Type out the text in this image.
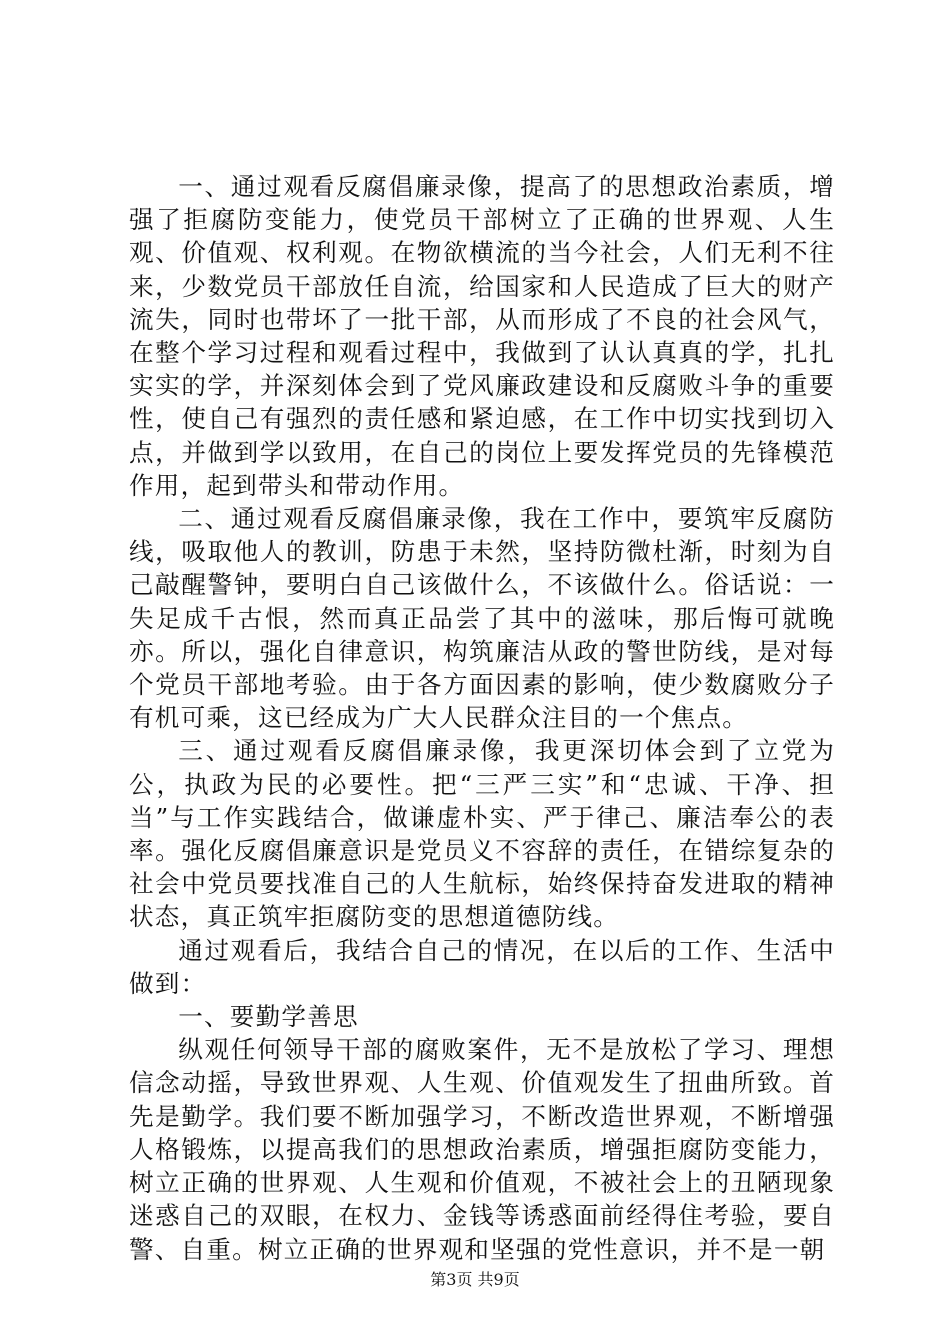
一、通过观看反腐倡廉录像，提高了的思想政治素质，增强了拒腐防变能力，使党员干部树立了正确的世界观、人生观、价值观、权利观。在物欲横流的当今社会，人们无利不往来，少数党员干部放任自流，给国家和人民造成了巨大的财产流失，同时也带坏了一批干部，从而形成了不良的社会风气，在整个学习过程和观看过程中，我做到了认认真真的学，扎扎实实的学，并深刻体会到了党风廉政建设和反腐败斗争的重要性，使自己有强烈的责任感和紧迫感，在工作中切实找到切入点，并做到学以致用，在自己的岗位上要发挥党员的先锋模范作用，起到带头和带动作用。

二、通过观看反腐倡廉录像，我在工作中，要筑牢反腐防线，吸取他人的教训，防患于未然，坚持防微杜渐，时刻为自己敲醒警钟，要明白自己该做什么，不该做什么。俗话说：一失足成千古恨，然而真正品尝了其中的滋味，那后悔可就晚亦。所以，强化自律意识，构筑廉洁从政的警世防线，是对每个党员干部地考验。由于各方面因素的影响，使少数腐败分子有机可乘，这已经成为广大人民群众注目的一个焦点。

三、通过观看反腐倡廉录像，我更深切体会到了立党为公，执政为民的必要性。把“三严三实”和“忠诚、干净、担当”与工作实践结合，做谦虚朴实、严于律己、廉洁奉公的表率。强化反腐倡廉意识是党员义不容辞的责任，在错综复杂的社会中党员要找准自己的人生航标，始终保持奋发进取的精神状态，真正筑牢拒腐防变的思想道德防线。

通过观看后，我结合自己的情况，在以后的工作、生活中做到：

一、要勤学善思

纵观任何领导干部的腐败案件，无不是放松了学习、理想信念动摇，导致世界观、人生观、价值观发生了扭曲所致。首先是勤学。我们要不断加强学习，不断改造世界观，不断增强人格锻炼，以提高我们的思想政治素质，增强拒腐防变能力，树立正确的世界观、人生观和价值观，不被社会上的丑陋现象迷惑自己的双眼，在权力、金钱等诱惑面前经得住考验，要自警、自重。树立正确的世界观和坚强的党性意识，并不是一朝

第3页 共9页
